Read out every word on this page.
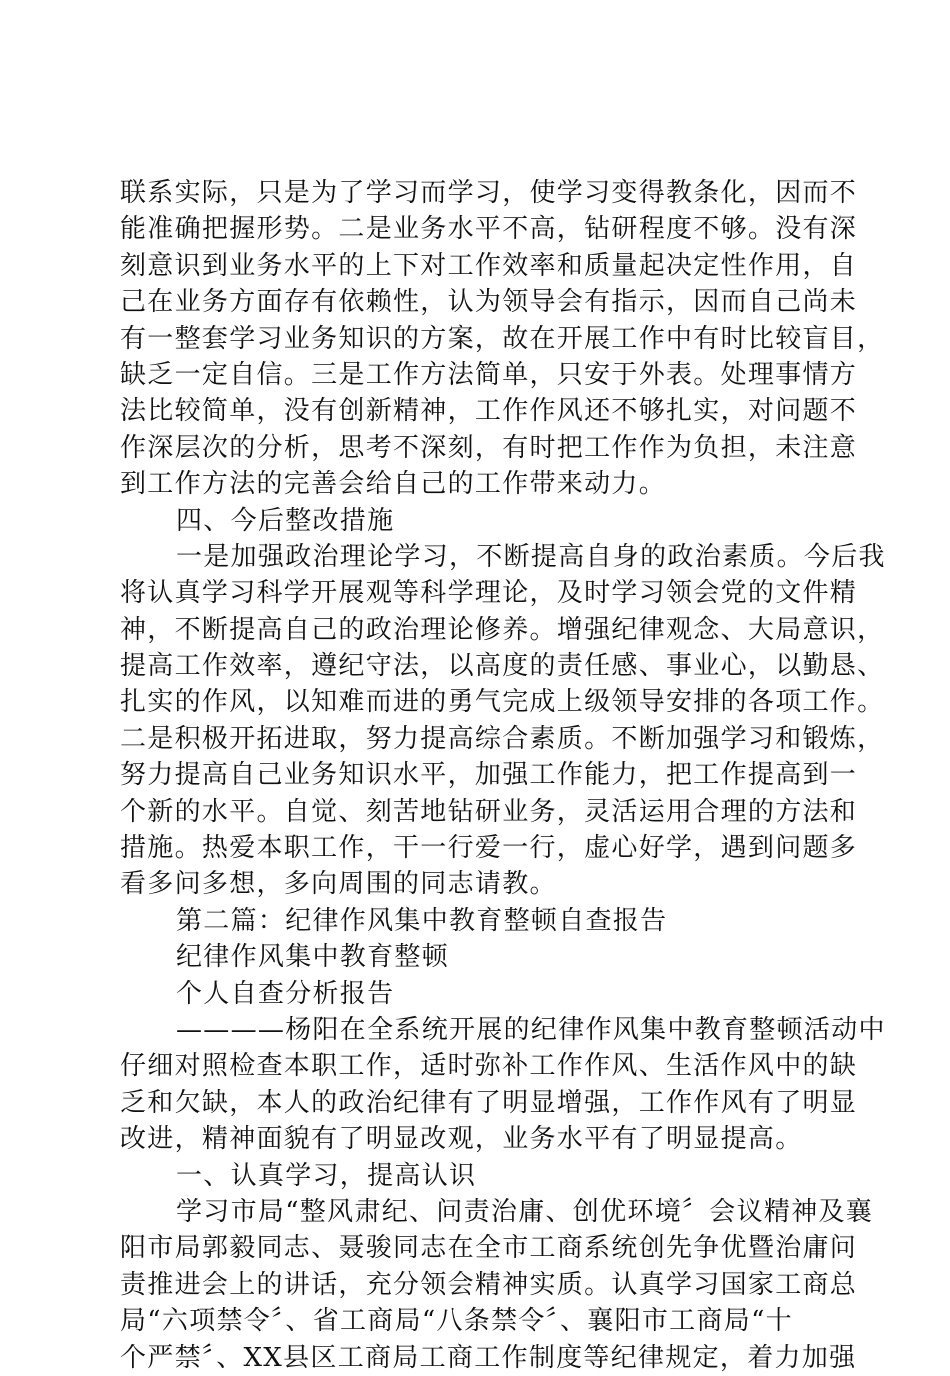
联系实际，只是为了学习而学习，使学习变得教条化，因而不
能准确把握形势。二是业务水平不高，钻研程度不够。没有深
刻意识到业务水平的上下对工作效率和质量起决定性作用，自
己在业务方面存有依赖性，认为领导会有指示，因而自己尚未
有一整套学习业务知识的方案，故在开展工作中有时比较盲目，
缺乏一定自信。三是工作方法简单，只安于外表。处理事情方
法比较简单，没有创新精神，工作作风还不够扎实，对问题不
作深层次的分析，思考不深刻，有时把工作作为负担，未注意
到工作方法的完善会给自己的工作带来动力。
四、今后整改措施
一是加强政治理论学习，不断提高自身的政治素质。今后我
将认真学习科学开展观等科学理论，及时学习领会党的文件精
神，不断提高自己的政治理论修养。增强纪律观念、大局意识，
提高工作效率，遵纪守法，以高度的责任感、事业心，以勤恳、
扎实的作风，以知难而进的勇气完成上级领导安排的各项工作。
二是积极开拓进取，努力提高综合素质。不断加强学习和锻炼，
努力提高自己业务知识水平，加强工作能力，把工作提高到一
个新的水平。自觉、刻苦地钻研业务，灵活运用合理的方法和
措施。热爱本职工作，干一行爱一行，虚心好学，遇到问题多
看多问多想，多向周围的同志请教。
第二篇：纪律作风集中教育整顿自查报告
纪律作风集中教育整顿
个人自查分析报告
————杨阳在全系统开展的纪律作风集中教育整顿活动中
仔细对照检查本职工作，适时弥补工作作风、生活作风中的缺
乏和欠缺，本人的政治纪律有了明显增强，工作作风有了明显
改进，精神面貌有了明显改观，业务水平有了明显提高。
一、认真学习，提高认识
学习市局“整风肃纪、问责治庸、创优环境〞会议精神及襄
阳市局郭毅同志、聂骏同志在全市工商系统创先争优暨治庸问
责推进会上的讲话，充分领会精神实质。认真学习国家工商总
局“六项禁令〞、省工商局“八条禁令〞、襄阳市工商局“十
个严禁〞、XX县区工商局工商工作制度等纪律规定，着力加强
